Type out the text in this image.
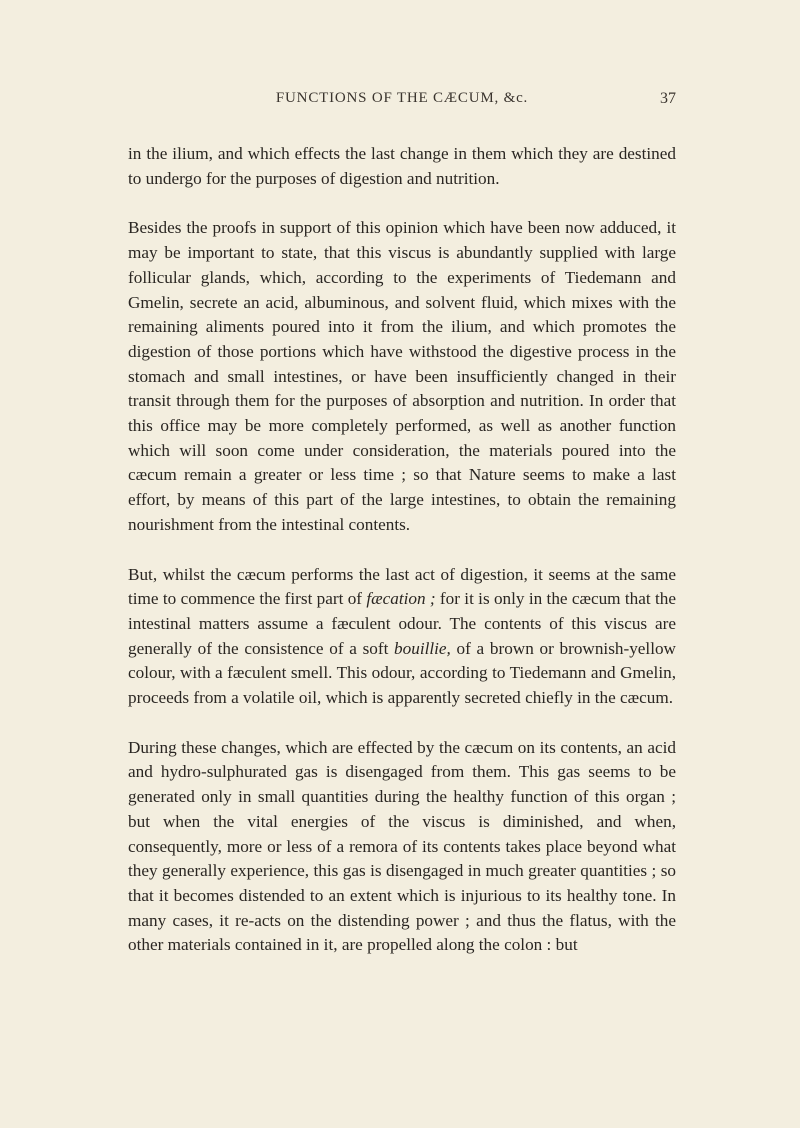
FUNCTIONS OF THE CÆCUM, &c.	37

in the ilium, and which effects the last change in them which they are destined to undergo for the purposes of digestion and nutrition.

Besides the proofs in support of this opinion which have been now adduced, it may be important to state, that this viscus is abundantly supplied with large follicular glands, which, according to the experiments of Tiedemann and Gmelin, secrete an acid, albuminous, and solvent fluid, which mixes with the remaining aliments poured into it from the ilium, and which promotes the digestion of those portions which have withstood the digestive process in the stomach and small intestines, or have been insufficiently changed in their transit through them for the purposes of absorption and nutrition. In order that this office may be more completely performed, as well as another function which will soon come under consideration, the materials poured into the cæcum remain a greater or less time ; so that Nature seems to make a last effort, by means of this part of the large intestines, to obtain the remaining nourishment from the intestinal contents.

But, whilst the cæcum performs the last act of digestion, it seems at the same time to commence the first part of fæcation ; for it is only in the cæcum that the intestinal matters assume a fæculent odour. The contents of this viscus are generally of the consistence of a soft bouillie, of a brown or brownish-yellow colour, with a fæculent smell. This odour, according to Tiedemann and Gmelin, proceeds from a volatile oil, which is apparently secreted chiefly in the cæcum.

During these changes, which are effected by the cæcum on its contents, an acid and hydro-sulphurated gas is disengaged from them. This gas seems to be generated only in small quantities during the healthy function of this organ ; but when the vital energies of the viscus is diminished, and when, consequently, more or less of a remora of its contents takes place beyond what they generally experience, this gas is disengaged in much greater quantities ; so that it becomes distended to an extent which is injurious to its healthy tone. In many cases, it re-acts on the distending power ; and thus the flatus, with the other materials contained in it, are propelled along the colon : but
